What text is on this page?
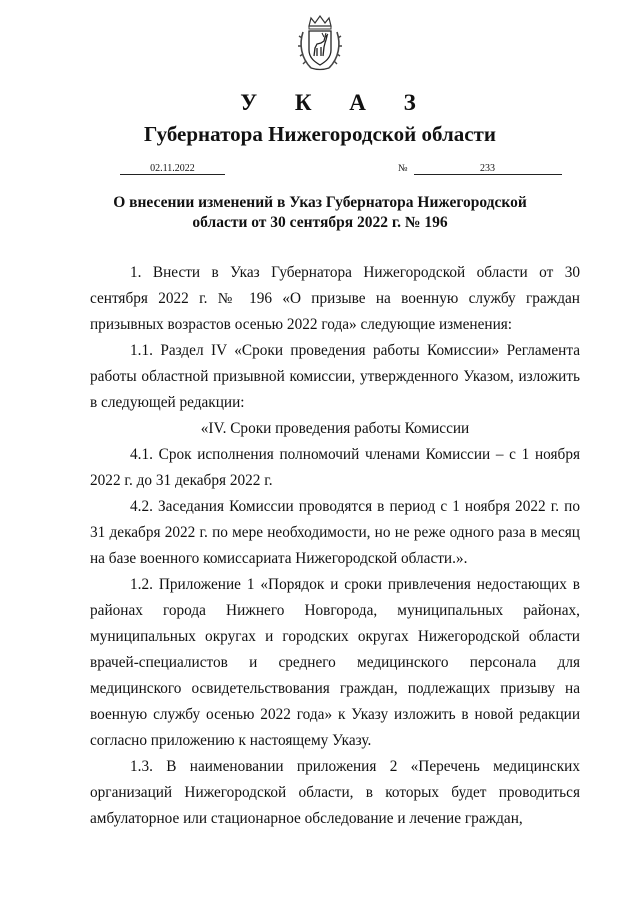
У К А З
Губернатора Нижегородской области
02.11.2022	№	233
О внесении изменений в Указ Губернатора Нижегородской
области от 30 сентября 2022 г. № 196

1. Внести в Указ Губернатора Нижегородской области от 30 сентября 2022 г. № 196 «О призыве на военную службу граждан призывных возрастов осенью 2022 года» следующие изменения:

1.1. Раздел IV «Сроки проведения работы Комиссии» Регламента работы областной призывной комиссии, утвержденного Указом, изложить в следующей редакции:

«IV. Сроки проведения работы Комиссии

4.1. Срок исполнения полномочий членами Комиссии – с 1 ноября 2022 г. до 31 декабря 2022 г.

4.2. Заседания Комиссии проводятся в период с 1 ноября 2022 г. по 31 декабря 2022 г. по мере необходимости, но не реже одного раза в месяц на базе военного комиссариата Нижегородской области.».

1.2. Приложение 1 «Порядок и сроки привлечения недостающих в районах города Нижнего Новгорода, муниципальных районах, муниципальных округах и городских округах Нижегородской области врачей-специалистов и среднего медицинского персонала для медицинского освидетельствования граждан, подлежащих призыву на военную службу осенью 2022 года» к Указу изложить в новой редакции согласно приложению к настоящему Указу.

1.3. В наименовании приложения 2 «Перечень медицинских организаций Нижегородской области, в которых будет проводиться амбулаторное или стационарное обследование и лечение граждан,
